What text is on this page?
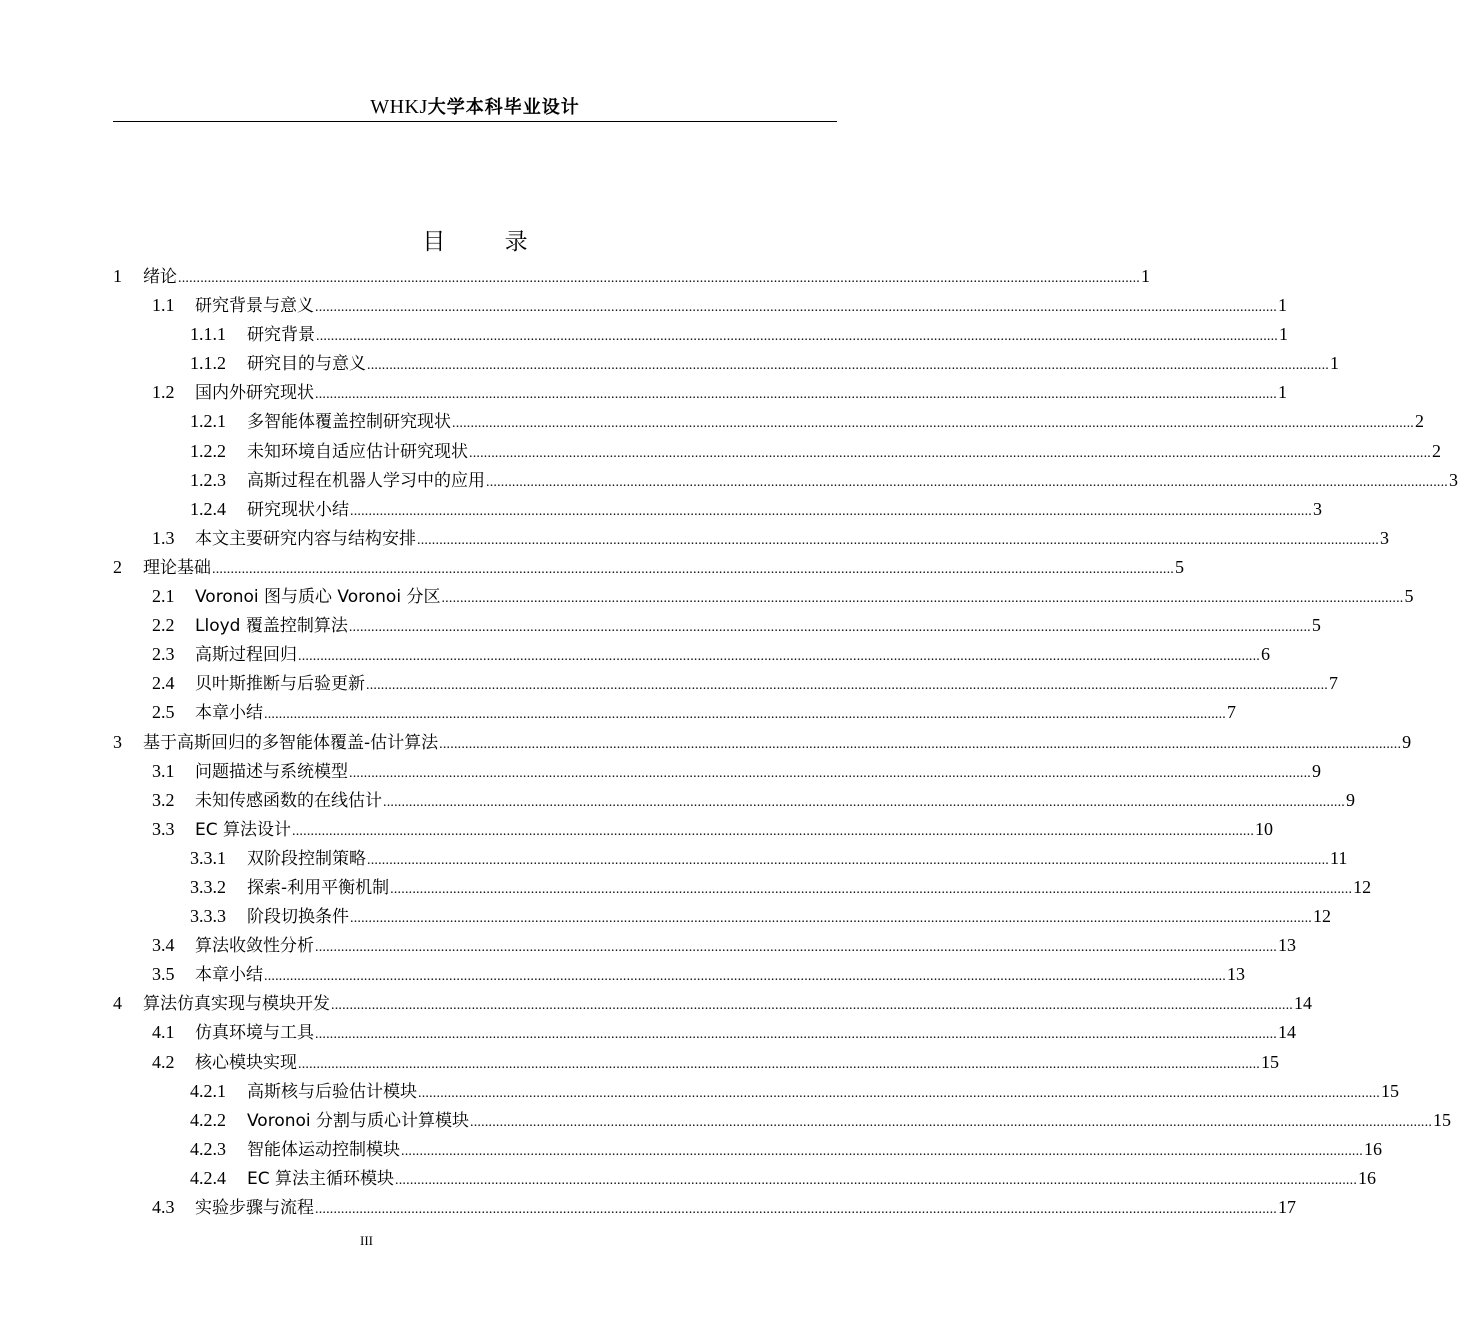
WHKJ大学本科毕业设计
目 录
1	绪论 .................................................................................................................................................................................................................................................................... 1
1.1	研究背景与意义 .................................................................................................................................................................................................................................................................... 1
1.1.1	研究背景 .................................................................................................................................................................................................................................................................... 1
1.1.2	研究目的与意义 .................................................................................................................................................................................................................................................................... 1
1.2	国内外研究现状 .................................................................................................................................................................................................................................................................... 1
1.2.1	多智能体覆盖控制研究现状 .................................................................................................................................................................................................................................................................... 2
1.2.2	未知环境自适应估计研究现状 .................................................................................................................................................................................................................................................................... 2
1.2.3	高斯过程在机器人学习中的应用 .................................................................................................................................................................................................................................................................... 3
1.2.4	研究现状小结 .................................................................................................................................................................................................................................................................... 3
1.3	本文主要研究内容与结构安排 .................................................................................................................................................................................................................................................................... 3
2	理论基础 .................................................................................................................................................................................................................................................................... 5
2.1	Voronoi 图与质心 Voronoi 分区 .................................................................................................................................................................................................................................................................... 5
2.2	Lloyd 覆盖控制算法 .................................................................................................................................................................................................................................................................... 5
2.3	高斯过程回归 .................................................................................................................................................................................................................................................................... 6
2.4	贝叶斯推断与后验更新 .................................................................................................................................................................................................................................................................... 7
2.5	本章小结 .................................................................................................................................................................................................................................................................... 7
3	基于高斯回归的多智能体覆盖-估计算法 .................................................................................................................................................................................................................................................................... 9
3.1	问题描述与系统模型 .................................................................................................................................................................................................................................................................... 9
3.2	未知传感函数的在线估计 .................................................................................................................................................................................................................................................................... 9
3.3	EC 算法设计 .................................................................................................................................................................................................................................................................... 10
3.3.1	双阶段控制策略 .................................................................................................................................................................................................................................................................... 11
3.3.2	探索-利用平衡机制 .................................................................................................................................................................................................................................................................... 12
3.3.3	阶段切换条件 .................................................................................................................................................................................................................................................................... 12
3.4	算法收敛性分析 .................................................................................................................................................................................................................................................................... 13
3.5	本章小结 .................................................................................................................................................................................................................................................................... 13
4	算法仿真实现与模块开发 .................................................................................................................................................................................................................................................................... 14
4.1	仿真环境与工具 .................................................................................................................................................................................................................................................................... 14
4.2	核心模块实现 .................................................................................................................................................................................................................................................................... 15
4.2.1	高斯核与后验估计模块 .................................................................................................................................................................................................................................................................... 15
4.2.2	Voronoi 分割与质心计算模块 .................................................................................................................................................................................................................................................................... 15
4.2.3	智能体运动控制模块 .................................................................................................................................................................................................................................................................... 16
4.2.4	EC 算法主循环模块 .................................................................................................................................................................................................................................................................... 16
4.3	实验步骤与流程 .................................................................................................................................................................................................................................................................... 17
III
